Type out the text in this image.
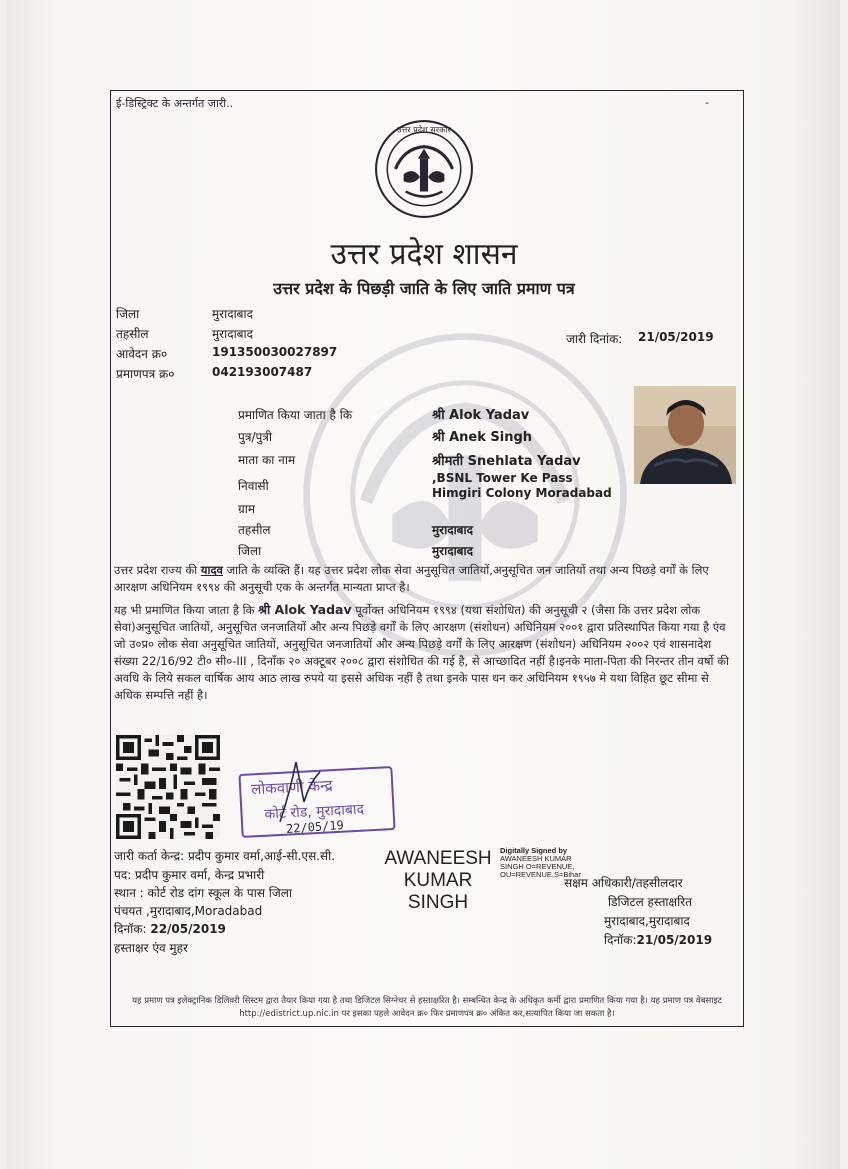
ई-डिस्ट्रिक्ट के अन्तर्गत जारी..	-
उत्तर प्रदेश सरकार
उत्तर प्रदेश शासन
उत्तर प्रदेश के पिछड़ी जाति के लिए जाति प्रमाण पत्र
जिला	मुरादाबाद
तहसील	मुरादाबाद
आवेदन क्र०	191350030027897
प्रमाणपत्र क्र०	042193007487
जारी दिनांक: 21/05/2019
प्रमाणित किया जाता है कि	श्री Alok Yadav
पुत्र/पुत्री	श्री Anek Singh
माता का नाम	श्रीमती Snehlata Yadav
निवासी
,BSNL Tower Ke Pass
Himgiri Colony Moradabad
ग्राम
तहसील	मुरादाबाद
जिला	मुरादाबाद
उत्तर प्रदेश राज्य की यादव जाति के व्यक्ति हैं। यह उत्तर प्रदेश लोक सेवा अनुसूचित जातियों,अनुसूचित जन जातियों तथा अन्य पिछड़े वर्गों के लिए आरक्षण अधिनियम १९९४ की अनुसूची एक के अन्तर्गत मान्यता प्राप्त है।
यह भी प्रमाणित किया जाता है कि श्री Alok Yadav पूर्वोक्त अधिनियम १९९४ (यथा संशोधित) की अनुसूची २ (जैसा कि उत्तर प्रदेश लोक सेवा)अनुसूचित जातियों, अनुसूचित जनजातियों और अन्य पिछड़े वर्गों के लिए आरक्षण (संशोधन) अधिनियम २००१ द्वारा प्रतिस्थापित किया गया है एंव जो उ०प्र० लोक सेवा अनुसूचित जातियों, अनुसूचित जनजातियों और अन्य पिछड़े वर्गों के लिए आरक्षण (संशोधन) अधिनियम २००२ एवं शासनादेश संख्या 22/16/92 टी० सी०-III , दिनाँक २० अक्टूबर २००८ द्वारा संशोधित की गई है, से आच्छादित नहीं है।इनके माता-पिता की निरन्तर तीन वर्षो की अवधि के लिये सकल वार्षिक आय आठ लाख रुपये या इससे अधिक नहीं है तथा इनके पास धन कर अधिनियम १९५७ मे यथा विहित छूट सीमा से अधिक सम्पत्ति नहीं है।
लोकवाणी केन्द्र
कोर्ट रोड, मुरादाबाद
22/05/19
जारी कर्ता केन्द्र: प्रदीप कुमार वर्मा,आई-सी.एस.सी.
पद: प्रदीप कुमार वर्मा, केन्द्र प्रभारी
स्थान : कोर्ट रोड दांग स्कूल के पास जिला
पंचयत ,मुरादाबाद,Moradabad
दिनॉक: 22/05/2019
हस्ताक्षर एंव मुहर
AWANEESH
KUMAR
SINGH
Digitally Signed by
AWANEESH KUMAR
SINGH O=REVENUE,
OU=REVENUE,S=Bihar
सक्षम अधिकारी/तहसीलदार
डिजिटल हस्ताक्षरित
मुरादाबाद,मुरादाबाद
दिनॉक:21/05/2019
यह प्रमाण पत्र इलेक्ट्रानिक डिलिवरी सिस्टम द्वारा तैयार किया गया है तथा डिजिटल सिग्नेचर से हस्ताक्षरित है। सम्बन्धित केन्द्र के अधिकृत कर्मी द्वारा प्रमाणित किया गया है। यह प्रमाण पत्र वेबसाइट http://edistrict.up.nic.in पर इसका पहले आवेदन क्र० फिर प्रमाणपत्र क्र० अंकित कर,सत्यापित किया जा सकता है।
